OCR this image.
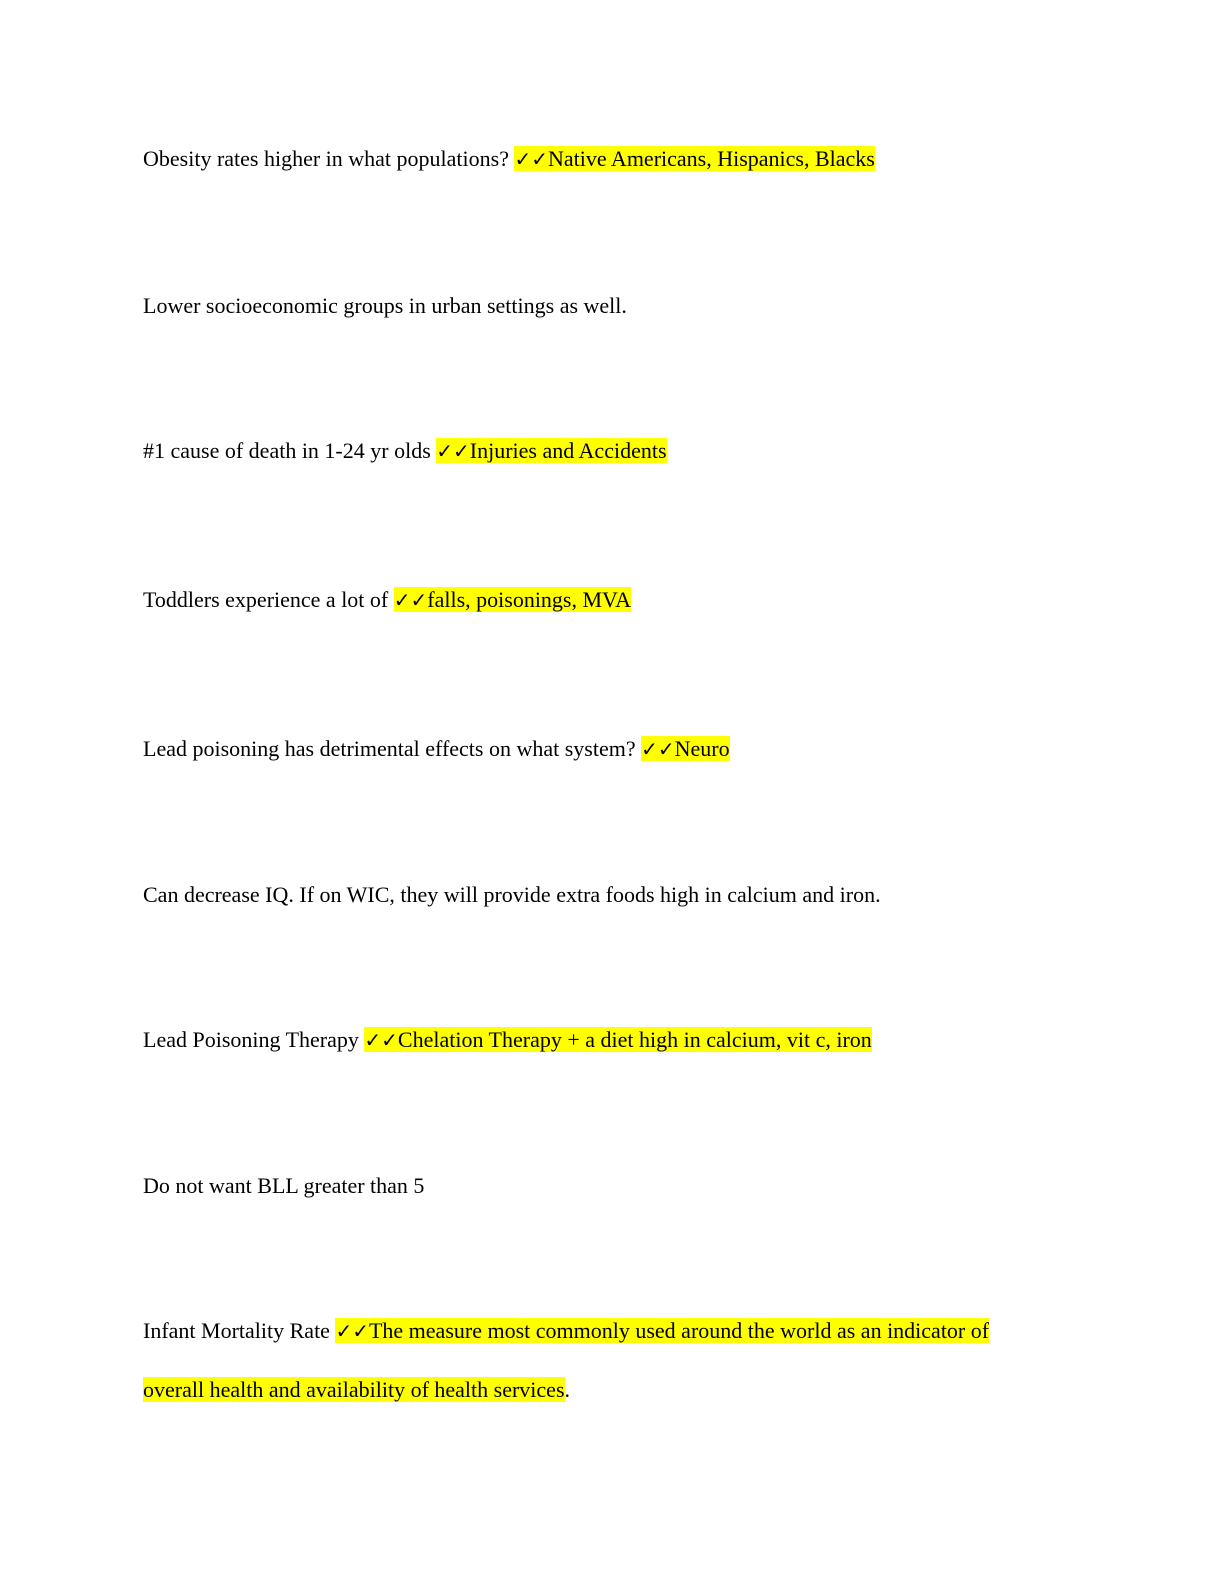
Obesity rates higher in what populations? ✓✓Native Americans, Hispanics, Blacks
Lower socioeconomic groups in urban settings as well.
#1 cause of death in 1-24 yr olds ✓✓Injuries and Accidents
Toddlers experience a lot of ✓✓falls, poisonings, MVA
Lead poisoning has detrimental effects on what system? ✓✓Neuro
Can decrease IQ. If on WIC, they will provide extra foods high in calcium and iron.
Lead Poisoning Therapy ✓✓Chelation Therapy + a diet high in calcium, vit c, iron
Do not want BLL greater than 5
Infant Mortality Rate ✓✓The measure most commonly used around the world as an indicator of
overall health and availability of health services.
